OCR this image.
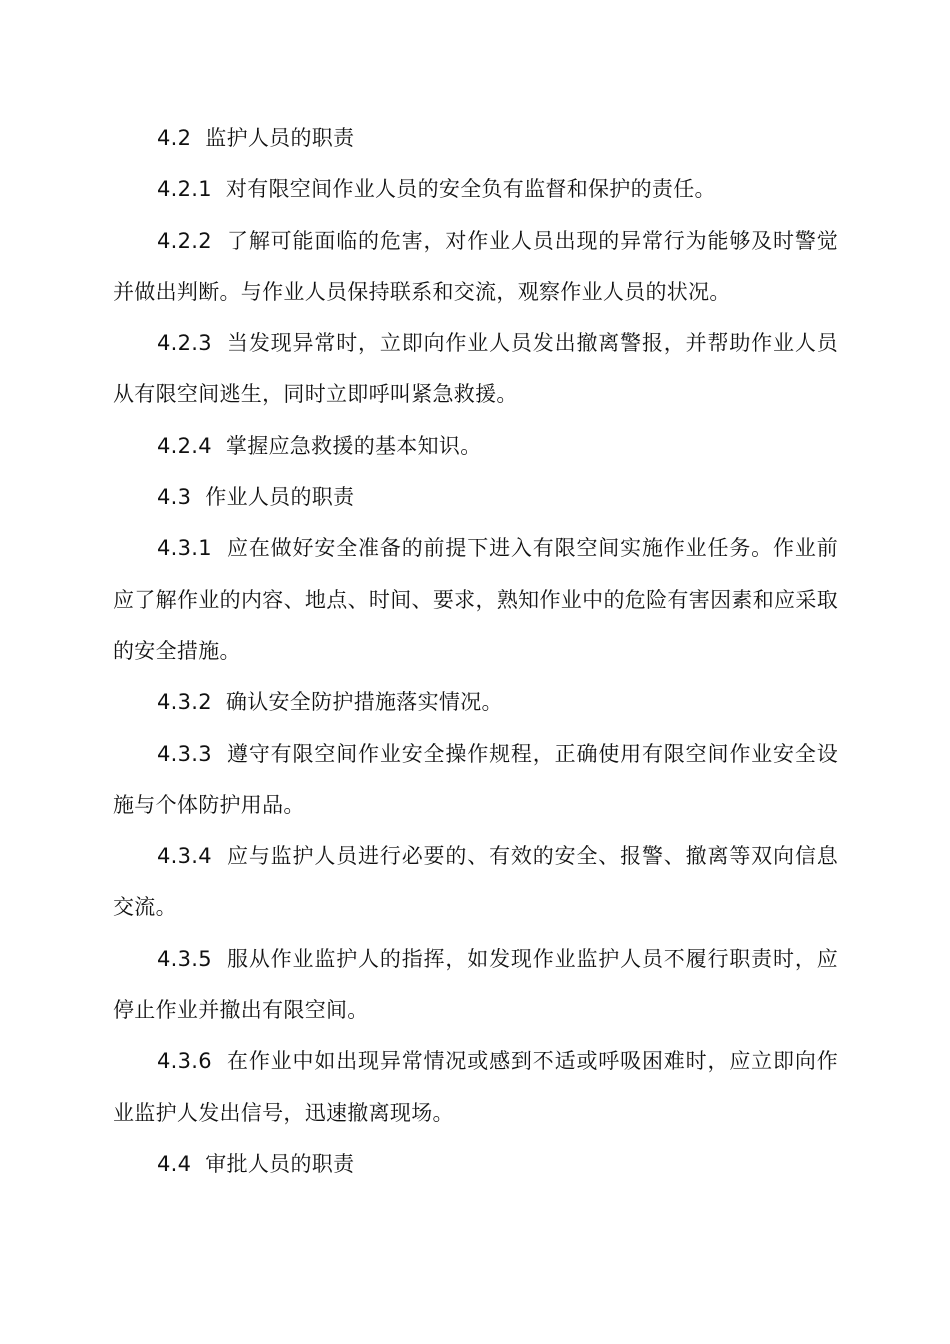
4.2 监护人员的职责

4.2.1 对有限空间作业人员的安全负有监督和保护的责任。

4.2.2 了解可能面临的危害，对作业人员出现的异常行为能够及时警觉并做出判断。与作业人员保持联系和交流，观察作业人员的状况。

4.2.3 当发现异常时，立即向作业人员发出撤离警报，并帮助作业人员从有限空间逃生，同时立即呼叫紧急救援。

4.2.4 掌握应急救援的基本知识。

4.3 作业人员的职责

4.3.1 应在做好安全准备的前提下进入有限空间实施作业任务。作业前应了解作业的内容、地点、时间、要求，熟知作业中的危险有害因素和应采取的安全措施。

4.3.2 确认安全防护措施落实情况。

4.3.3 遵守有限空间作业安全操作规程，正确使用有限空间作业安全设施与个体防护用品。

4.3.4 应与监护人员进行必要的、有效的安全、报警、撤离等双向信息交流。

4.3.5 服从作业监护人的指挥，如发现作业监护人员不履行职责时，应停止作业并撤出有限空间。

4.3.6 在作业中如出现异常情况或感到不适或呼吸困难时，应立即向作业监护人发出信号，迅速撤离现场。

4.4 审批人员的职责
